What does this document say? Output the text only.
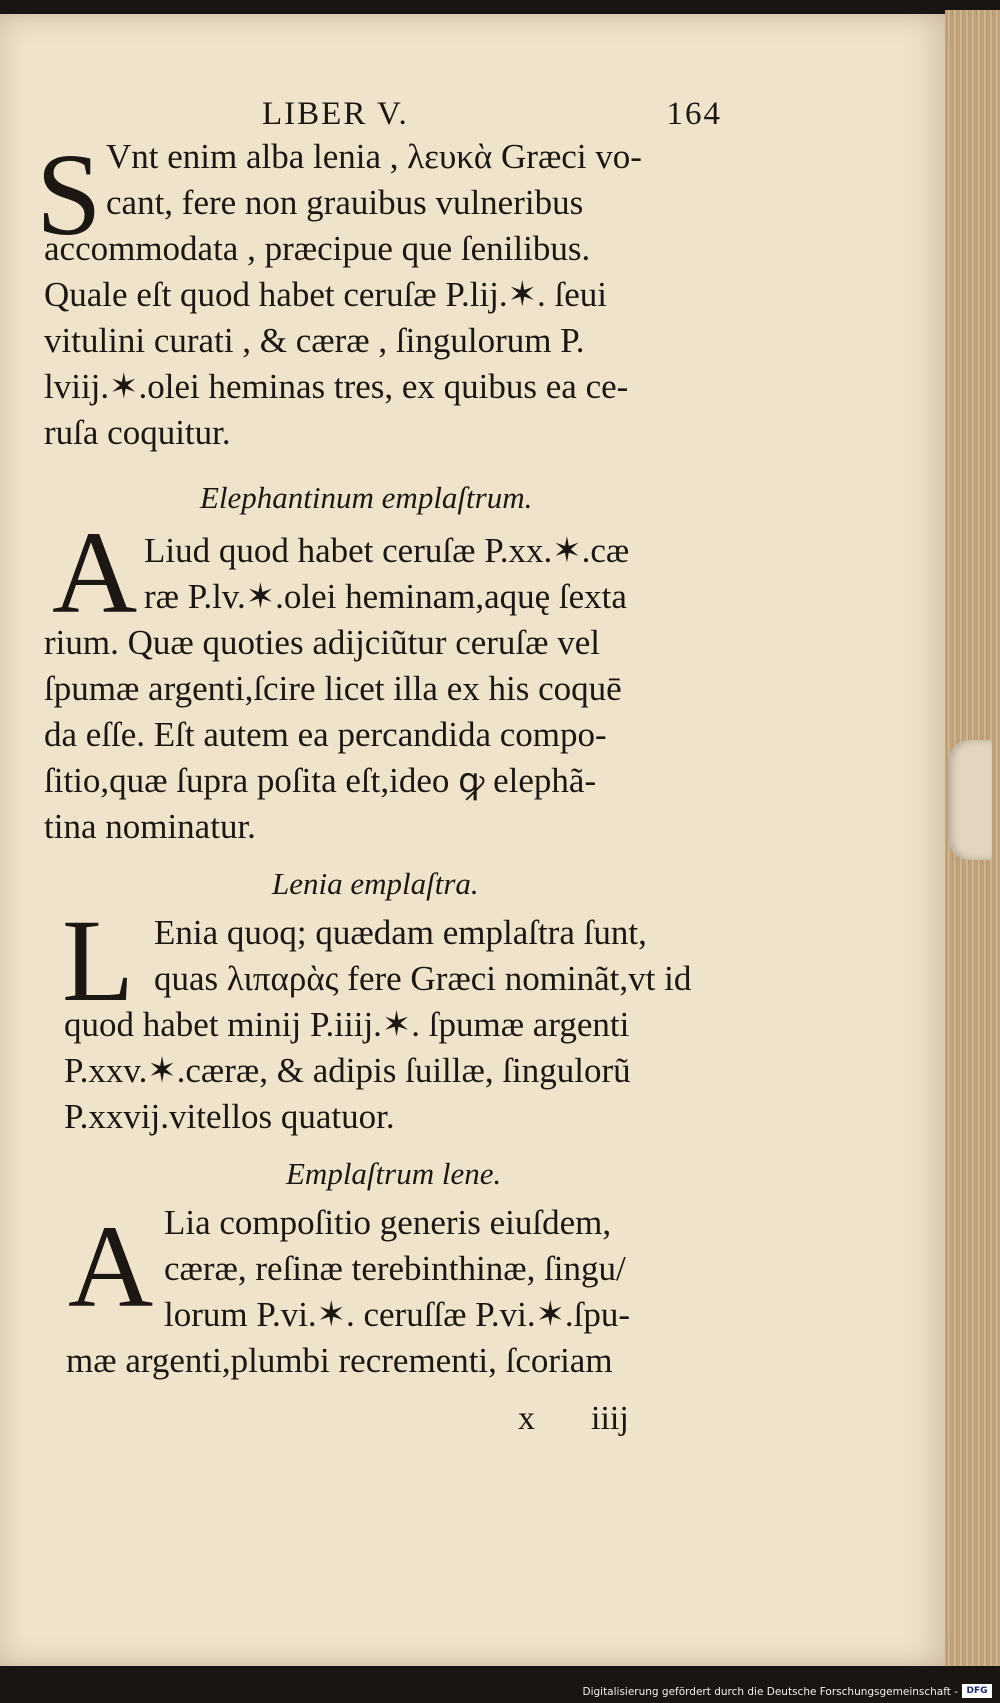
LIBER V.	164
S Vnt enim alba lenia , λευκὰ Græci vo-
cant, fere non grauibus vulneribus
accommodata , præcipue que ſenilibus.
Quale eſt quod habet ceruſæ P.lij.✶. ſeui
vitulini curati , & cæræ , ſingulorum P.
lviij.✶.olei heminas tres, ex quibus ea ce-
ruſa coquitur.
Elephantinum emplaſtrum.
A Liud quod habet ceruſæ P.xx.✶.cæ
ræ P.lv.✶.olei heminam,aquę ſexta
rium. Quæ quoties adijciũtur ceruſæ vel
ſpumæ argenti,ſcire licet illa ex his coquē
da eſſe. Eſt autem ea percandida compo-
ſitio,quæ ſupra poſita eſt,ideo ꝙ elephã-
tina nominatur.
Lenia emplaſtra.
L Enia quoq; quædam emplaſtra ſunt,
quas λιπαρὰς fere Græci nominãt,vt id
quod habet minij P.iiij.✶. ſpumæ argenti
P.xxv.✶.cæræ, & adipis ſuillæ, ſingulorũ
P.xxvij.vitellos quatuor.
Emplaſtrum lene.
A Lia compoſitio generis eiuſdem,
cæræ, reſinæ terebinthinæ, ſingu/
lorum P.vi.✶. ceruſſæ P.vi.✶.ſpu-
mæ argenti,plumbi recrementi, ſcoriam
x iiij
Digitalisierung gefördert durch die Deutsche Forschungsgemeinschaft - DFG
